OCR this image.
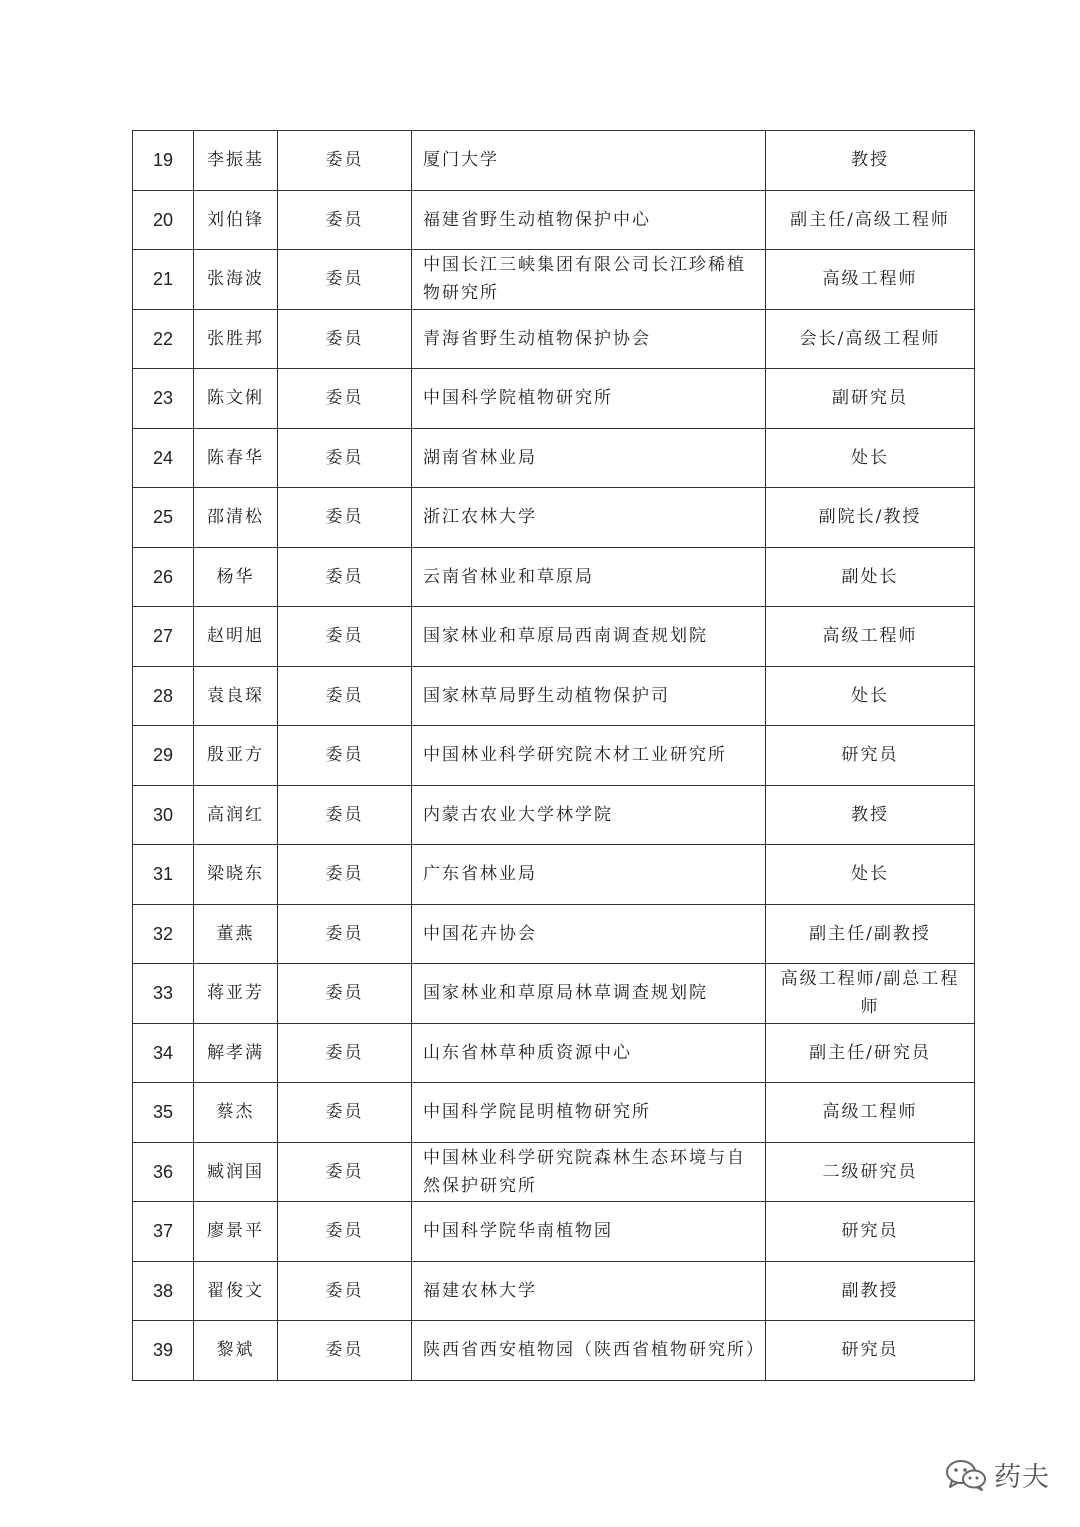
19	李振基	委员	厦门大学	教授
20	刘伯锋	委员	福建省野生动植物保护中心	副主任/高级工程师
21	张海波	委员	中国长江三峡集团有限公司长江珍稀植物研究所	高级工程师
22	张胜邦	委员	青海省野生动植物保护协会	会长/高级工程师
23	陈文俐	委员	中国科学院植物研究所	副研究员
24	陈春华	委员	湖南省林业局	处长
25	邵清松	委员	浙江农林大学	副院长/教授
26	杨华	委员	云南省林业和草原局	副处长
27	赵明旭	委员	国家林业和草原局西南调查规划院	高级工程师
28	袁良琛	委员	国家林草局野生动植物保护司	处长
29	殷亚方	委员	中国林业科学研究院木材工业研究所	研究员
30	高润红	委员	内蒙古农业大学林学院	教授
31	梁晓东	委员	广东省林业局	处长
32	董燕	委员	中国花卉协会	副主任/副教授
33	蒋亚芳	委员	国家林业和草原局林草调查规划院	高级工程师/副总工程师
34	解孝满	委员	山东省林草种质资源中心	副主任/研究员
35	蔡杰	委员	中国科学院昆明植物研究所	高级工程师
36	臧润国	委员	中国林业科学研究院森林生态环境与自然保护研究所	二级研究员
37	廖景平	委员	中国科学院华南植物园	研究员
38	翟俊文	委员	福建农林大学	副教授
39	黎斌	委员	陕西省西安植物园（陕西省植物研究所）	研究员
药夫
